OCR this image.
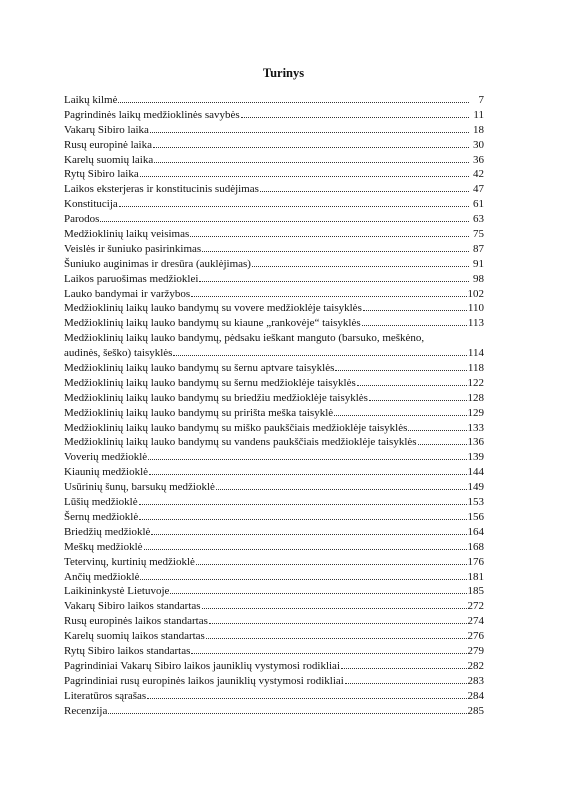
Turinys
Laikų kilmė	7
Pagrindinės laikų medžioklinės savybės	11
Vakarų Sibiro laika	18
Rusų europinė laika	30
Karelų suomių laika	36
Rytų Sibiro laika	42
Laikos eksterjeras ir konstitucinis sudėjimas	47
Konstitucija	61
Parodos	63
Medžioklinių laikų veisimas	75
Veislės ir šuniuko pasirinkimas	87
Šuniuko auginimas ir dresūra (auklėjimas)	91
Laikos paruošimas medžioklei	98
Lauko bandymai ir varžybos	102
Medžioklinių laikų lauko bandymų su vovere medžioklėje taisyklės	110
Medžioklinių laikų lauko bandymų su kiaune „rankovėje“ taisyklės	113
Medžioklinių laikų lauko bandymų, pėdsaku ieškant manguto (barsuko, meškėno,
audinės, šeško) taisyklės	114
Medžioklinių laikų lauko bandymų su šernu aptvare taisyklės	118
Medžioklinių laikų lauko bandymų su šernu medžioklėje taisyklės	122
Medžioklinių laikų lauko bandymų su briedžiu medžioklėje taisyklės	128
Medžioklinių laikų lauko bandymų su pririšta meška taisyklė	129
Medžioklinių laikų lauko bandymų su miško paukščiais medžioklėje taisyklės	133
Medžioklinių laikų lauko bandymų su vandens paukščiais medžioklėje taisyklės	136
Voverių medžioklė	139
Kiaunių medžioklė	144
Usūrinių šunų, barsukų medžioklė	149
Lūšių medžioklė	153
Šernų medžioklė	156
Briedžių medžioklė	164
Meškų medžioklė	168
Tetervinų, kurtinių medžioklė	176
Ančių medžioklė	181
Laikininkystė Lietuvoje	185
Vakarų Sibiro laikos standartas	272
Rusų europinės laikos standartas	274
Karelų suomių laikos standartas	276
Rytų Sibiro laikos standartas	279
Pagrindiniai Vakarų Sibiro laikos jauniklių vystymosi rodikliai	282
Pagrindiniai rusų europinės laikos jauniklių vystymosi rodikliai	283
Literatūros sąrašas	284
Recenzija	285
